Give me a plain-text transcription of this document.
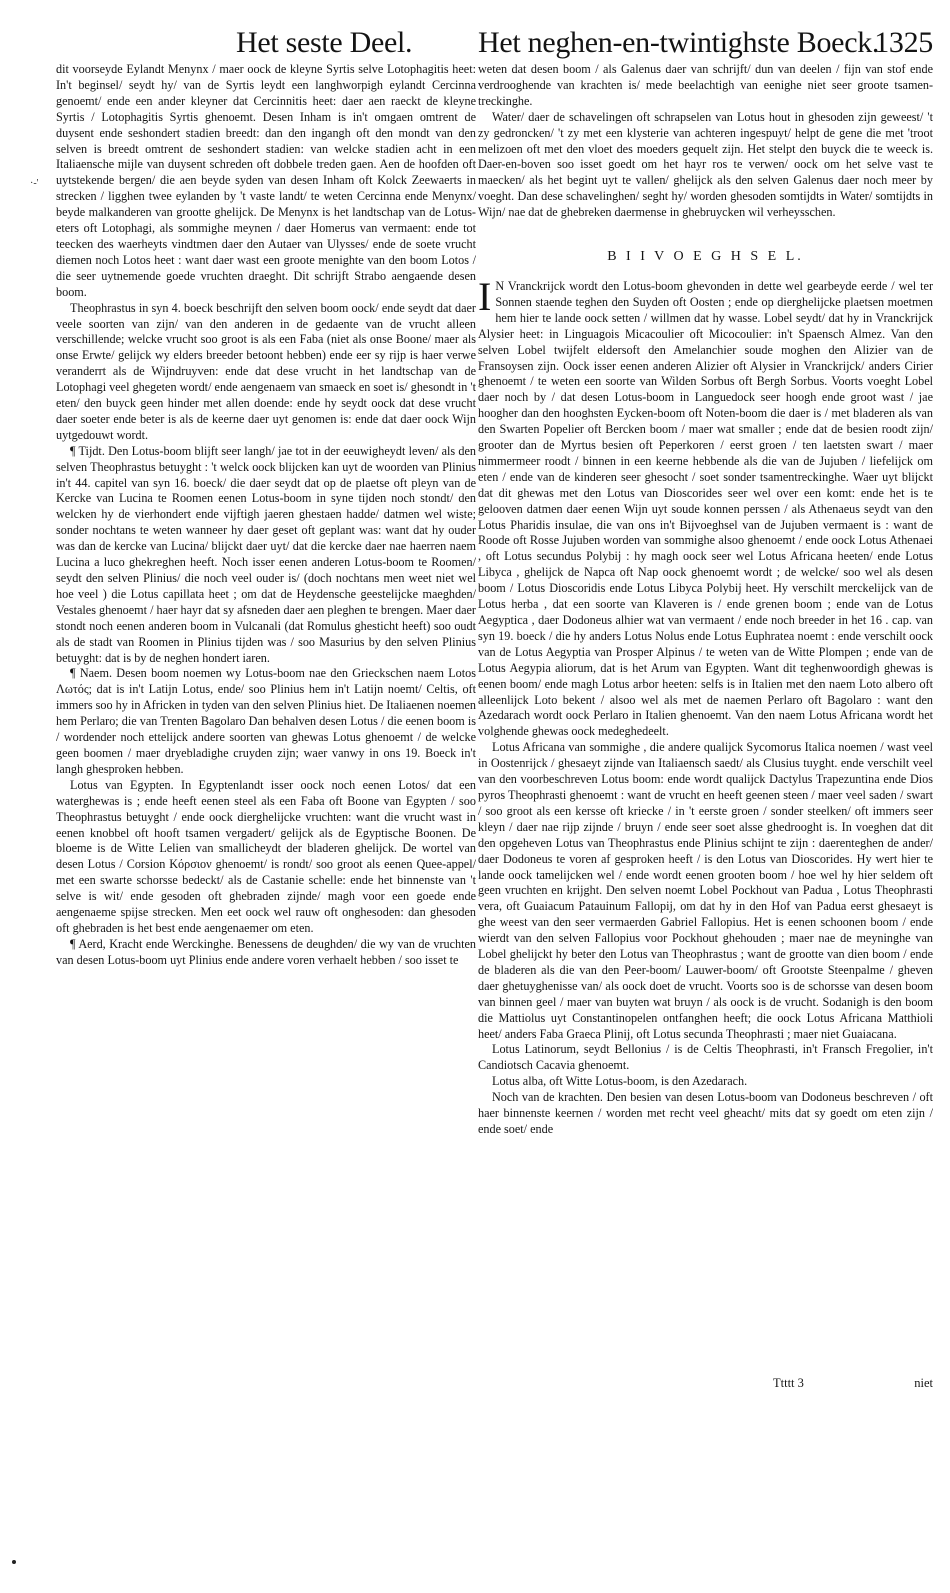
Het seste Deel.	Het neghen-en-twintighste Boeck.
1325
·-'

dit voorseyde Eylandt Menynx / maer oock de kleyne Syrtis selve Lotophagitis heet: In't beginsel/ seydt hy/ van de Syrtis leydt een langhworpigh eylandt Cercinna genoemt/ ende een ander kleyner dat Cercinnitis heet: daer aen raeckt de kleyne Syrtis / Lotophagitis Syrtis ghenoemt. Desen Inham is in't omgaen omtrent de duysent ende seshondert stadien breedt: dan den ingangh oft den mondt van den selven is breedt omtrent de seshondert stadien: van welcke stadien acht in een Italiaensche mijle van duysent schreden oft dobbele treden gaen. Aen de hoofden oft uytstekende bergen/ die aen beyde syden van desen Inham oft Kolck Zeewaerts in strecken / ligghen twee eylanden by 't vaste landt/ te weten Cercinna ende Menynx/ beyde malkanderen van grootte ghelijck. De Menynx is het landtschap van de Lotus-eters oft Lotophagi, als sommighe meynen / daer Homerus van vermaent: ende tot teecken des waerheyts vindtmen daer den Autaer van Ulysses/ ende de soete vrucht diemen noch Lotos heet : want daer wast een groote menighte van den boom Lotos / die seer uytnemende goede vruchten draeght. Dit schrijft Strabo aengaende desen boom.

Theophrastus in syn 4. boeck beschrijft den selven boom oock/ ende seydt dat daer veele soorten van zijn/ van den anderen in de gedaente van de vrucht alleen verschillende; welcke vrucht soo groot is als een Faba (niet als onse Boone/ maer als onse Erwte/ gelijck wy elders breeder betoont hebben) ende eer sy rijp is haer verwe veranderrt als de Wijndruyven: ende dat dese vrucht in het landtschap van de Lotophagi veel ghegeten wordt/ ende aengenaem van smaeck en soet is/ ghesondt in 't eten/ den buyck geen hinder met allen doende: ende hy seydt oock dat dese vrucht daer soeter ende beter is als de keerne daer uyt genomen is: ende dat daer oock Wijn uytgedouwt wordt.

¶ Tijdt. Den Lotus-boom blijft seer langh/ jae tot in der eeuwigheydt leven/ als den selven Theophrastus betuyght : 't welck oock blijcken kan uyt de woorden van Plinius in't 44. capitel van syn 16. boeck/ die daer seydt dat op de plaetse oft pleyn van de Kercke van Lucina te Roomen eenen Lotus-boom in syne tijden noch stondt/ den welcken hy de vierhondert ende vijftigh jaeren ghestaen hadde/ datmen wel wiste; sonder nochtans te weten wanneer hy daer geset oft geplant was: want dat hy ouder was dan de kercke van Lucina/ blijckt daer uyt/ dat die kercke daer nae haerren naem Lucina a luco ghekreghen heeft. Noch isser eenen anderen Lotus-boom te Roomen/ seydt den selven Plinius/ die noch veel ouder is/ (doch nochtans men weet niet wel hoe veel ) die Lotus capillata heet ; om dat de Heydensche geestelijcke maeghden/ Vestales ghenoemt / haer hayr dat sy afsneden daer aen pleghen te brengen. Maer daer stondt noch eenen anderen boom in Vulcanali (dat Romulus ghesticht heeft) soo oudt als de stadt van Roomen in Plinius tijden was / soo Masurius by den selven Plinius betuyght: dat is by de neghen hondert iaren.

¶ Naem. Desen boom noemen wy Lotus-boom nae den Grieckschen naem Lotos Λωτός; dat is in't Latijn Lotus, ende/ soo Plinius hem in't Latijn noemt/ Celtis, oft immers soo hy in Africken in tyden van den selven Plinius hiet. De Italiaenen noemen hem Perlaro; die van Trenten Bagolaro Dan behalven desen Lotus / die eenen boom is / wordender noch ettelijck andere soorten van ghewas Lotus ghenoemt / de welcke geen boomen / maer dryebladighe cruyden zijn; waer vanwy in ons 19. Boeck in't langh ghesproken hebben.

Lotus van Egypten. In Egyptenlandt isser oock noch eenen Lotos/ dat een waterghewas is ; ende heeft eenen steel als een Faba oft Boone van Egypten / soo Theophrastus betuyght / ende oock dierghelijcke vruchten: want die vrucht wast in eenen knobbel oft hooft tsamen vergadert/ gelijck als de Egyptische Boonen. De bloeme is de Witte Lelien van smallicheydt der bladeren ghelijck. De wortel van desen Lotus / Corsion Κόρσιον ghenoemt/ is rondt/ soo groot als eenen Quee-appel/ met een swarte schorsse bedeckt/ als de Castanie schelle: ende het binnenste van 't selve is wit/ ende gesoden oft ghebraden zijnde/ magh voor een goede ende aengenaeme spijse strecken. Men eet oock wel rauw oft onghesoden: dan ghesoden oft ghebraden is het best ende aengenaemer om eten.

¶ Aerd, Kracht ende Werckinghe. Benessens de deughden/ die wy van de vruchten van desen Lotus-boom uyt Plinius ende andere voren verhaelt hebben / soo isset te

weten dat desen boom / als Galenus daer van schrijft/ dun van deelen / fijn van stof ende verdrooghende van krachten is/ mede beelachtigh van eenighe niet seer groote tsamen-treckinghe.

Water/ daer de schavelingen oft schrapselen van Lotus hout in ghesoden zijn geweest/ 't zy gedroncken/ 't zy met een klysterie van achteren ingespuyt/ helpt de gene die met 'troot melizoen oft met den vloet des moeders gequelt zijn. Het stelpt den buyck die te weeck is. Daer-en-boven soo isset goedt om het hayr ros te verwen/ oock om het selve vast te maecken/ als het begint uyt te vallen/ ghelijck als den selven Galenus daer noch meer by voeght. Dan dese schavelinghen/ seght hy/ worden ghesoden somtijdts in Water/ somtijdts in Wijn/ nae dat de ghebreken daermense in ghebruycken wil verheysschen.

B I I V O E G H S E L.

I N Vranckrijck wordt den Lotus-boom ghevonden in dette wel gearbeyde eerde / wel ter Sonnen staende teghen den Suyden oft Oosten ; ende op dierghelijcke plaetsen moetmen hem hier te lande oock setten / willmen dat hy wasse. Lobel seydt/ dat hy in Vranckrijck Alysier heet: in Linguagois Micacoulier oft Micocoulier: in't Spaensch Almez. Van den selven Lobel twijfelt eldersoft den Amelanchier soude moghen den Alizier van de Fransoysen zijn. Oock isser eenen anderen Alizier oft Alysier in Vranckrijck/ anders Cirier ghenoemt / te weten een soorte van Wilden Sorbus oft Bergh Sorbus. Voorts voeght Lobel daer noch by / dat desen Lotus-boom in Languedock seer hoogh ende groot wast / jae hoogher dan den hooghsten Eycken-boom oft Noten-boom die daer is / met bladeren als van den Swarten Popelier oft Bercken boom / maer wat smaller ; ende dat de besien roodt zijn/ grooter dan de Myrtus besien oft Peperkoren / eerst groen / ten laetsten swart / maer nimmermeer roodt / binnen in een keerne hebbende als die van de Jujuben / liefelijck om eten / ende van de kinderen seer ghesocht / soet sonder tsamentreckinghe. Waer uyt blijckt dat dit ghewas met den Lotus van Dioscorides seer wel over een komt: ende het is te gelooven datmen daer eenen Wijn uyt soude konnen perssen / als Athenaeus seydt van den Lotus Pharidis insulae, die van ons in't Bijvoeghsel van de Jujuben vermaent is : want de Roode oft Rosse Jujuben worden van sommighe alsoo ghenoemt / ende oock Lotus Athenaei , oft Lotus secundus Polybij : hy magh oock seer wel Lotus Africana heeten/ ende Lotus Libyca , ghelijck de Napca oft Nap oock ghenoemt wordt ; de welcke/ soo wel als desen boom / Lotus Dioscoridis ende Lotus Libyca Polybij heet. Hy verschilt merckelijck van de Lotus herba , dat een soorte van Klaveren is / ende grenen boom ; ende van de Lotus Aegyptica , daer Dodoneus alhier wat van vermaent / ende noch breeder in het 16 . cap. van syn 19. boeck / die hy anders Lotus Nolus ende Lotus Euphratea noemt : ende verschilt oock van de Lotus Aegyptia van Prosper Alpinus / te weten van de Witte Plompen ; ende van de Lotus Aegypia aliorum, dat is het Arum van Egypten. Want dit teghenwoordigh ghewas is eenen boom/ ende magh Lotus arbor heeten: selfs is in Italien met den naem Loto albero oft alleenlijck Loto bekent / alsoo wel als met de naemen Perlaro oft Bagolaro : want den Azedarach wordt oock Perlaro in Italien ghenoemt. Van den naem Lotus Africana wordt het volghende ghewas oock medeghedeelt.

Lotus Africana van sommighe , die andere qualijck Sycomorus Italica noemen / wast veel in Oostenrijck / ghesaeyt zijnde van Italiaensch saedt/ als Clusius tuyght. ende verschilt veel van den voorbeschreven Lotus boom: ende wordt qualijck Dactylus Trapezuntina ende Dios pyros Theophrasti ghenoemt : want de vrucht en heeft geenen steen / maer veel saden / swart / soo groot als een kersse oft kriecke / in 't eerste groen / sonder steelken/ oft immers seer kleyn / daer nae rijp zijnde / bruyn / ende seer soet alsse ghedrooght is. In voeghen dat dit den opgeheven Lotus van Theophrastus ende Plinius schijnt te zijn : daerenteghen de ander/ daer Dodoneus te voren af gesproken heeft / is den Lotus van Dioscorides. Hy wert hier te lande oock tamelijcken wel / ende wordt eenen grooten boom / hoe wel hy hier seldem oft geen vruchten en krijght. Den selven noemt Lobel Pockhout van Padua , Lotus Theophrasti vera, oft Guaiacum Patauinum Fallopij, om dat hy in den Hof van Padua eerst ghesaeyt is ghe weest van den seer vermaerden Gabriel Fallopius. Het is eenen schoonen boom / ende wierdt van den selven Fallopius voor Pockhout ghehouden ; maer nae de meyninghe van Lobel ghelijckt hy beter den Lotus van Theophrastus ; want de grootte van dien boom / ende de bladeren als die van den Peer-boom/ Lauwer-boom/ oft Grootste Steenpalme / gheven daer ghetuyghenisse van/ als oock doet de vrucht. Voorts soo is de schorsse van desen boom van binnen geel / maer van buyten wat bruyn / als oock is de vrucht. Sodanigh is den boom die Mattiolus uyt Constantinopelen ontfanghen heeft; die oock Lotus Africana Matthioli heet/ anders Faba Graeca Plinij, oft Lotus secunda Theophrasti ; maer niet Guaiacana.

Lotus Latinorum, seydt Bellonius / is de Celtis Theophrasti, in't Fransch Fregolier, in't Candiotsch Cacavia ghenoemt.

Lotus alba, oft Witte Lotus-boom, is den Azedarach.

Noch van de krachten. Den besien van desen Lotus-boom van Dodoneus beschreven / oft haer binnenste keernen / worden met recht veel gheacht/ mits dat sy goedt om eten zijn / ende soet/ ende

Ttttt 3	niet
